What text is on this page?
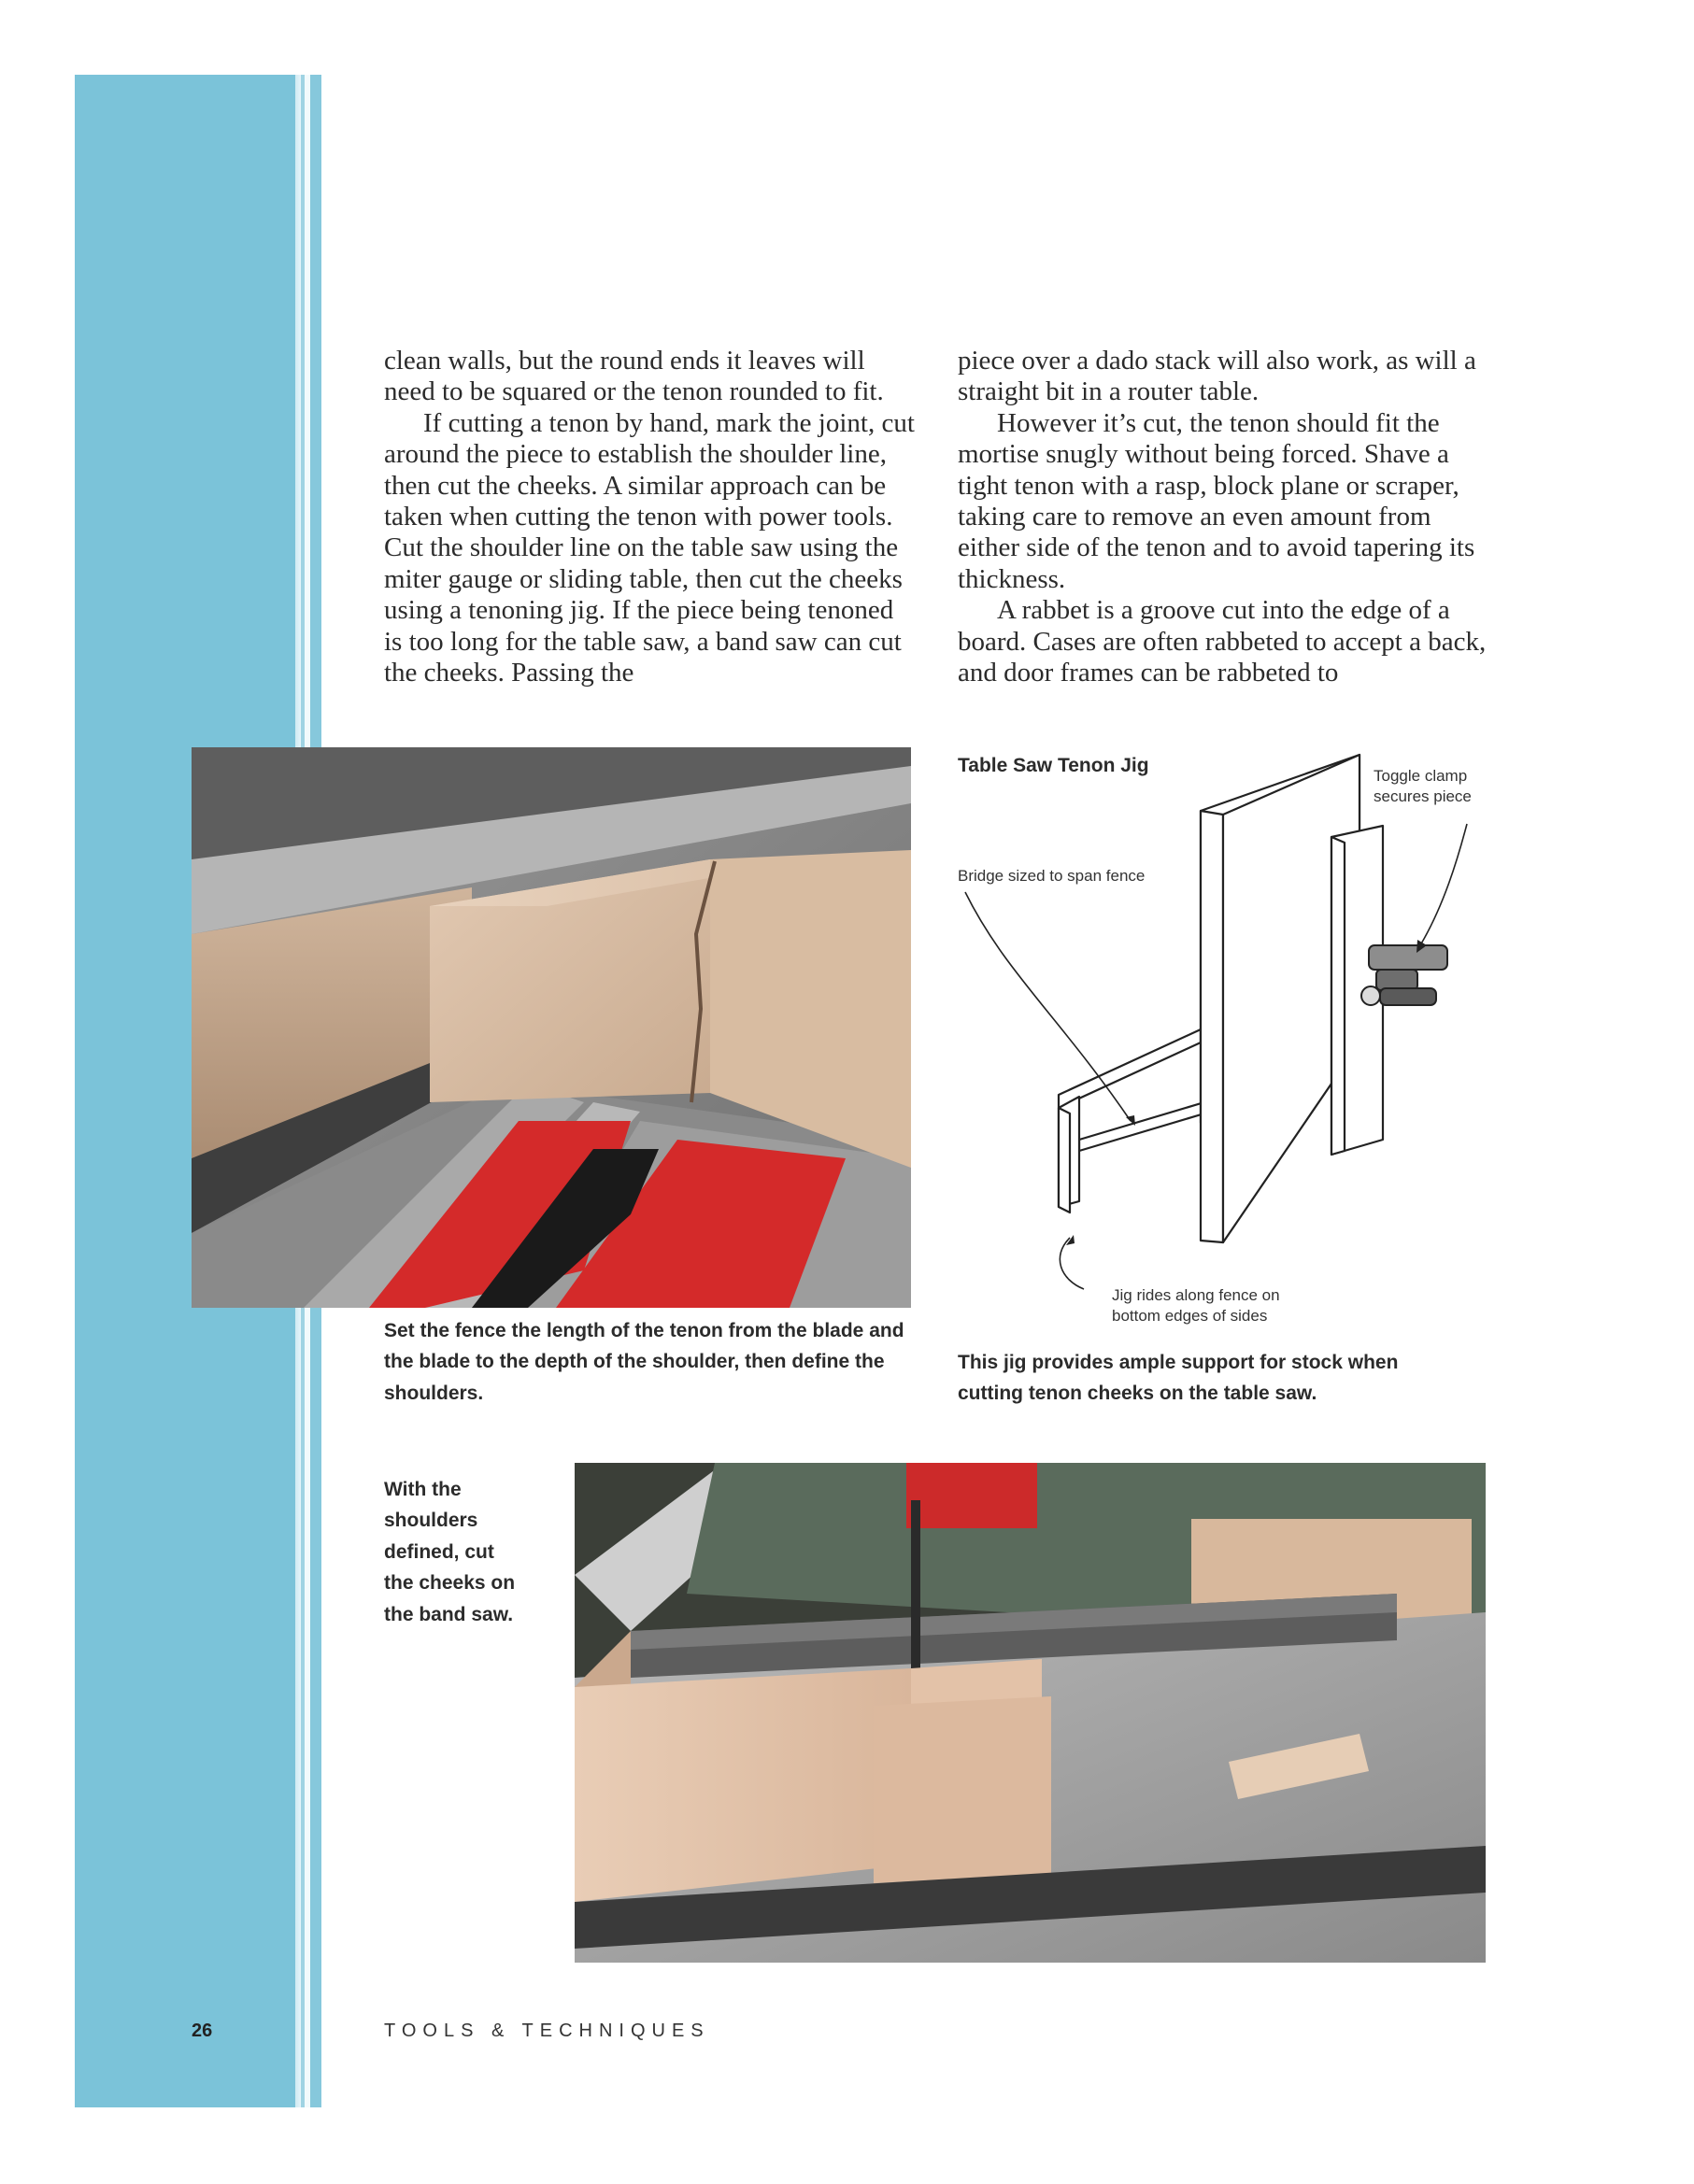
clean walls, but the round ends it leaves will need to be squared or the tenon rounded to fit.

If cutting a tenon by hand, mark the joint, cut around the piece to establish the shoulder line, then cut the cheeks. A similar approach can be taken when cutting the tenon with power tools. Cut the shoulder line on the table saw using the miter gauge or sliding table, then cut the cheeks using a tenoning jig. If the piece being tenoned is too long for the table saw, a band saw can cut the cheeks. Passing the

piece over a dado stack will also work, as will a straight bit in a router table.

However it’s cut, the tenon should fit the mortise snugly without being forced. Shave a tight tenon with a rasp, block plane or scraper, taking care to remove an even amount from either side of the tenon and to avoid tapering its thickness.

A rabbet is a groove cut into the edge of a board. Cases are often rabbeted to accept a back, and door frames can be rabbeted to

Set the fence the length of the tenon from the blade and the blade to the depth of the shoulder, then define the shoulders.
Table Saw Tenon Jig	Toggle clamp
secures piece
Bridge sized to span fence
Jig rides along fence on
bottom edges of sides
This jig provides ample support for stock when cutting tenon cheeks on the table saw.
With the
shoulders
defined, cut
the cheeks on
the band saw.
26	TOOLS & TECHNIQUES
